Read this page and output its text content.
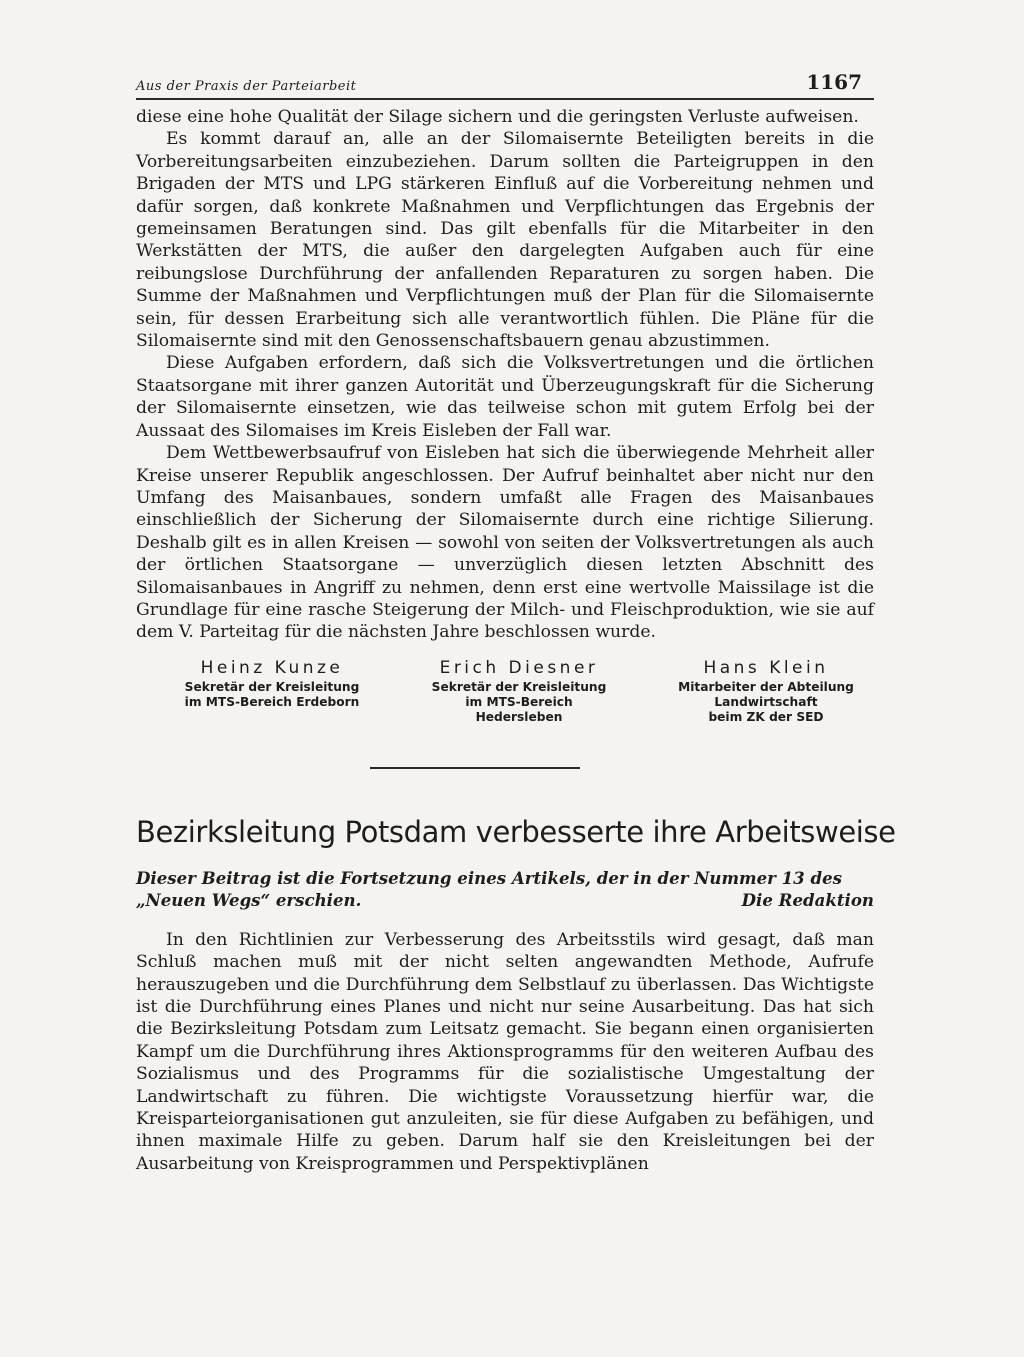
Aus der Praxis der Parteiarbeit	1167

diese eine hohe Qualität der Silage sichern und die geringsten Verluste aufweisen.

Es kommt darauf an, alle an der Silomaisernte Beteiligten bereits in die Vorbereitungsarbeiten einzubeziehen. Darum sollten die Parteigruppen in den Brigaden der MTS und LPG stärkeren Einfluß auf die Vorbereitung nehmen und dafür sorgen, daß konkrete Maßnahmen und Verpflichtungen das Ergebnis der gemeinsamen Beratungen sind. Das gilt ebenfalls für die Mitarbeiter in den Werkstätten der MTS, die außer den dargelegten Aufgaben auch für eine reibungslose Durchführung der anfallenden Reparaturen zu sorgen haben. Die Summe der Maßnahmen und Verpflichtungen muß der Plan für die Silomaisernte sein, für dessen Erarbeitung sich alle verantwortlich fühlen. Die Pläne für die Silomaisernte sind mit den Genossenschaftsbauern genau abzustimmen.

Diese Aufgaben erfordern, daß sich die Volksvertretungen und die örtlichen Staatsorgane mit ihrer ganzen Autorität und Überzeugungskraft für die Sicherung der Silomaisernte einsetzen, wie das teilweise schon mit gutem Erfolg bei der Aussaat des Silomaises im Kreis Eisleben der Fall war.

Dem Wettbewerbsaufruf von Eisleben hat sich die überwiegende Mehrheit aller Kreise unserer Republik angeschlossen. Der Aufruf beinhaltet aber nicht nur den Umfang des Maisanbaues, sondern umfaßt alle Fragen des Maisanbaues einschließlich der Sicherung der Silomaisernte durch eine richtige Silierung. Deshalb gilt es in allen Kreisen — sowohl von seiten der Volksvertretungen als auch der örtlichen Staatsorgane — unverzüglich diesen letzten Abschnitt des Silomaisanbaues in Angriff zu nehmen, denn erst eine wertvolle Maissilage ist die Grundlage für eine rasche Steigerung der Milch- und Fleischproduktion, wie sie auf dem V. Parteitag für die nächsten Jahre beschlossen wurde.

Heinz Kunze
Sekretär der Kreisleitung
im MTS-Bereich Erdeborn
Erich Diesner
Sekretär der Kreisleitung
im MTS-Bereich
Hedersleben
Hans Klein
Mitarbeiter der Abteilung
Landwirtschaft
beim ZK der SED
Bezirksleitung Potsdam verbesserte ihre Arbeitsweise
Dieser Beitrag ist die Fortsetzung eines Artikels, der in der Nummer 13 des
„Neuen Wegs“ erschien.	Die Redaktion

In den Richtlinien zur Verbesserung des Arbeitsstils wird gesagt, daß man Schluß machen muß mit der nicht selten angewandten Methode, Aufrufe herauszugeben und die Durchführung dem Selbstlauf zu überlassen. Das Wichtigste ist die Durchführung eines Planes und nicht nur seine Ausarbeitung. Das hat sich die Bezirksleitung Potsdam zum Leitsatz gemacht. Sie begann einen organisierten Kampf um die Durchführung ihres Aktionsprogramms für den weiteren Aufbau des Sozialismus und des Programms für die sozialistische Umgestaltung der Landwirtschaft zu führen. Die wichtigste Voraussetzung hierfür war, die Kreisparteiorganisationen gut anzuleiten, sie für diese Aufgaben zu befähigen, und ihnen maximale Hilfe zu geben. Darum half sie den Kreisleitungen bei der Ausarbeitung von Kreisprogrammen und Perspektivplänen
